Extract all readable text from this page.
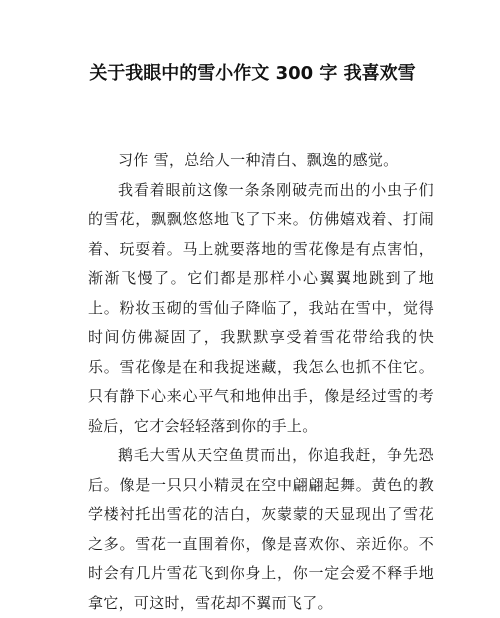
关于我眼中的雪小作文 300 字 我喜欢雪

习作 雪，总给人一种清白、飘逸的感觉。

我看着眼前这像一条条刚破壳而出的小虫子们的雪花，飘飘悠悠地飞了下来。仿佛嬉戏着、打闹着、玩耍着。马上就要落地的雪花像是有点害怕，渐渐飞慢了。它们都是那样小心翼翼地跳到了地上。粉妆玉砌的雪仙子降临了，我站在雪中，觉得时间仿佛凝固了，我默默享受着雪花带给我的快乐。雪花像是在和我捉迷藏，我怎么也抓不住它。只有静下心来心平气和地伸出手，像是经过雪的考验后，它才会轻轻落到你的手上。

鹅毛大雪从天空鱼贯而出，你追我赶，争先恐后。像是一只只小精灵在空中翩翩起舞。黄色的教学楼衬托出雪花的洁白，灰蒙蒙的天显现出了雪花之多。雪花一直围着你，像是喜欢你、亲近你。不时会有几片雪花飞到你身上，你一定会爱不释手地拿它，可这时，雪花却不翼而飞了。
